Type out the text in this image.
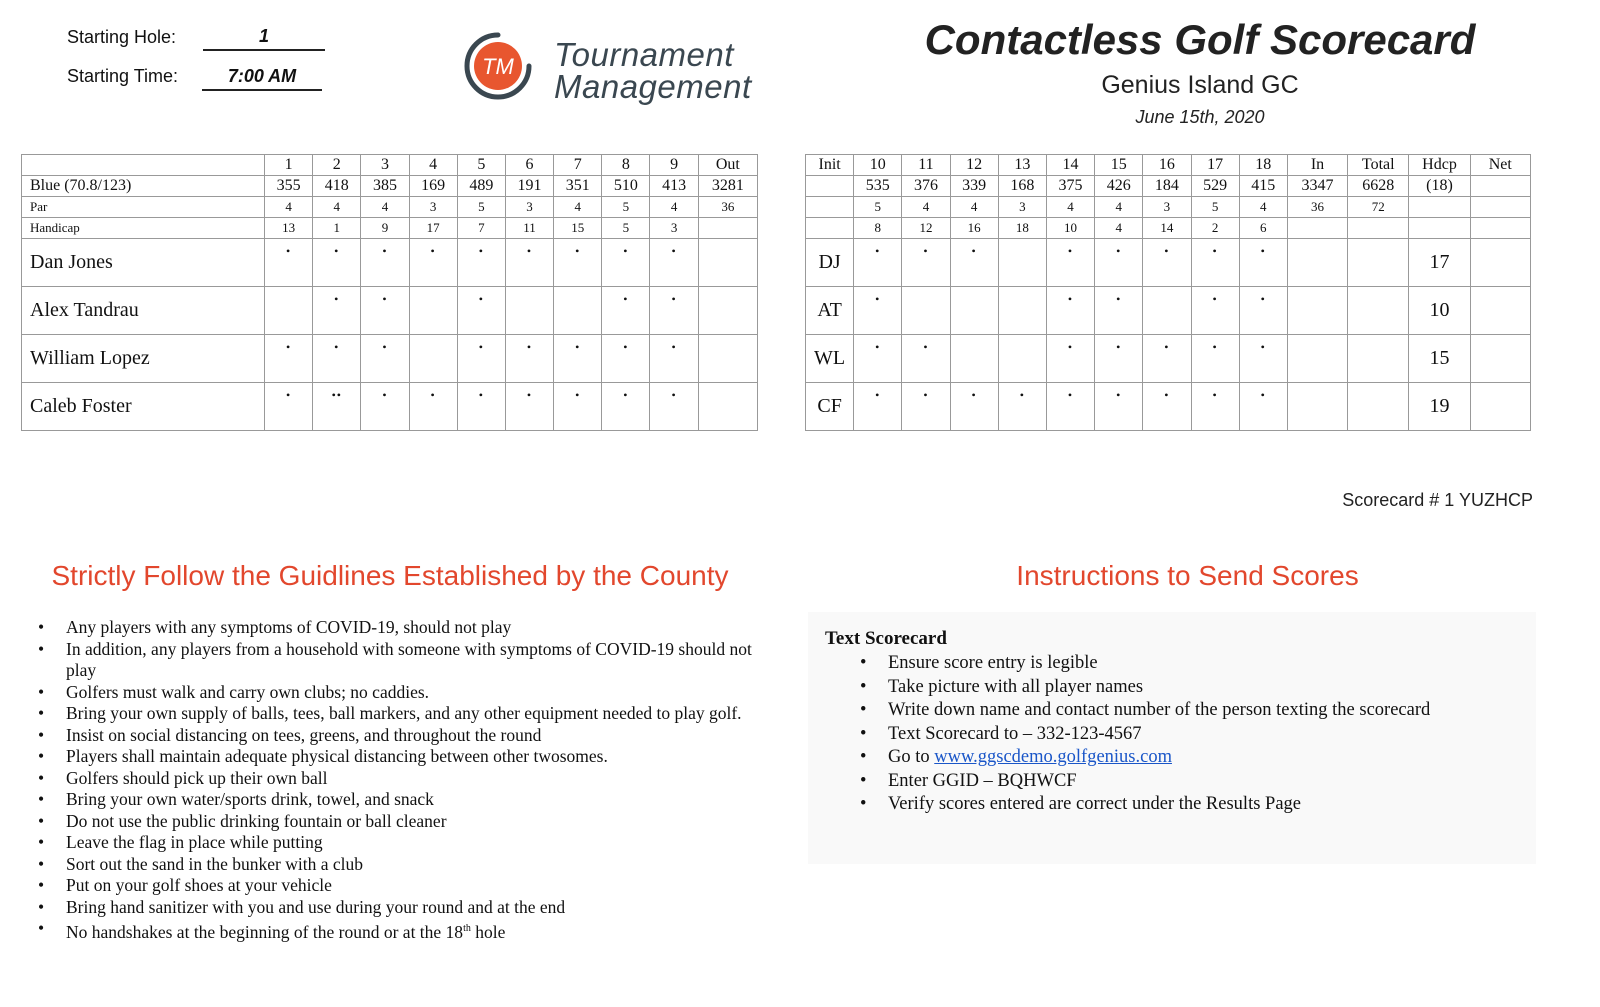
Starting Hole:	1
Starting Time:	7:00 AM	TM Tournament
Management
Contactless Golf Scorecard
Genius Island GC
June 15th, 2020
	1	2	3	4	5	6	7	8	9	Out
Blue (70.8/123)	355	418	385	169	489	191	351	510	413	3281
Par	4	4	4	3	5	3	4	5	4	36
Handicap	13	1	9	17	7	11	15	5	3	
Dan Jones	•	•	•	•	•	•	•	•	•	

Alex Tandrau		•	•		•			•	•	

William Lopez	•	•	•		•	•	•	•	•	

Caleb Foster	•	••	•	•	•	•	•	•	•	

Init	10	11	12	13	14	15	16	17	18	In	Total	Hdcp	Net
	535	376	339	168	375	426	184	529	415	3347	6628	(18)	
	5	4	4	3	4	4	3	5	4	36	72		
	8	12	16	18	10	4	14	2	6				
DJ	•	•	•		•	•	•	•	•			17	
AT	•				•	•		•	•			10	
WL	•	•			•	•	•	•	•			15	
CF	•	•	•	•	•	•	•	•	•			19	
Scorecard # 1 YUZHCP
Strictly Follow the Guidlines Established by the County
• Any players with any symptoms of COVID-19, should not play
• In addition, any players from a household with someone with symptoms of COVID-19 should not play
• Golfers must walk and carry own clubs; no caddies.
• Bring your own supply of balls, tees, ball markers, and any other equipment needed to play golf.
• Insist on social distancing on tees, greens, and throughout the round
• Players shall maintain adequate physical distancing between other twosomes.
• Golfers should pick up their own ball
• Bring your own water/sports drink, towel, and snack
• Do not use the public drinking fountain or ball cleaner
• Leave the flag in place while putting
• Sort out the sand in the bunker with a club
• Put on your golf shoes at your vehicle
• Bring hand sanitizer with you and use during your round and at the end
• No handshakes at the beginning of the round or at the 18th hole
Instructions to Send Scores
Text Scorecard
• Ensure score entry is legible
• Take picture with all player names
• Write down name and contact number of the person texting the scorecard
• Text Scorecard to – 332-123-4567
• Go to www.ggscdemo.golfgenius.com
• Enter GGID – BQHWCF
• Verify scores entered are correct under the Results Page
